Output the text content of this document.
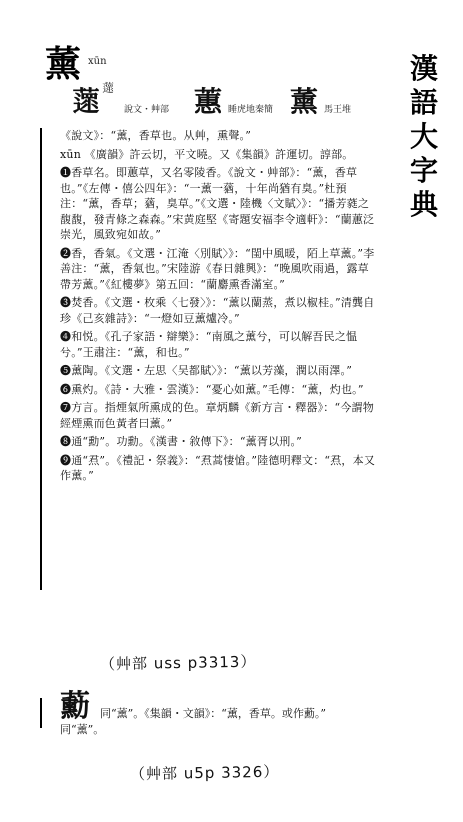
漢
語
大
字
典
薰 xūn
𦾽 𦾽
說文・艸部 蕙 睡虎地秦簡 薰 馬王堆

《說文》：“薰，香草也。从艸，熏聲。”

xūn 《廣韻》許云切，平文曉。又《集韻》許運切。諄部。

❶香草名。即蕙草，又名零陵香。《說文・艸部》：“薰，香草也。”《左傳・僖公四年》：“一薰一蕕，十年尚猶有臭。”杜預注：“薰，香草；蕕，臭草。”《文選・陸機〈文賦〉》：“播芳蕤之馥馥，發青條之森森。”宋黄庭堅《寄題安福李令適軒》：“蘭蕙泛崇光，風致宛如故。”

❷香，香氣。《文選・江淹〈別賦〉》：“閨中風暖，陌上草薰。”李善注：“薰，香氣也。”宋陸游《春日雜興》：“晚風吹雨過，露草帶芳薰。”《紅樓夢》第五回：“蘭麝熏香滿室。”

❸焚香。《文選・枚乘〈七發〉》：“薰以蘭蒸，煮以椒桂。”清龔自珍《己亥雜詩》：“一燈如豆薰爐冷。”

❹和悦。《孔子家語・辯樂》：“南風之薰兮，可以解吾民之愠兮。”王肅注：“薰，和也。”

❺薰陶。《文選・左思〈吴都賦〉》：“薰以芳藻，潤以雨澤。”

❻熏灼。《詩・大雅・雲漢》：“憂心如薰。”毛傳：“薰，灼也。”

❼方言。指煙氣所熏成的色。章炳麟《新方言・釋器》：“今謂物經煙熏而色黃者曰薰。”

❽通“勳”。功勳。《漢書・敘傳下》：“薰胥以刑。”

❾通“焄”。《禮記・祭義》：“焄蒿悽愴。”陸德明釋文：“焄，本又作薰。”

（艸部 uss p3313）
蘍 同“薰”。《集韻・文韻》：“薰，香草。或作蘍。”
同“薰”。
（艸部 u5p 3326）
